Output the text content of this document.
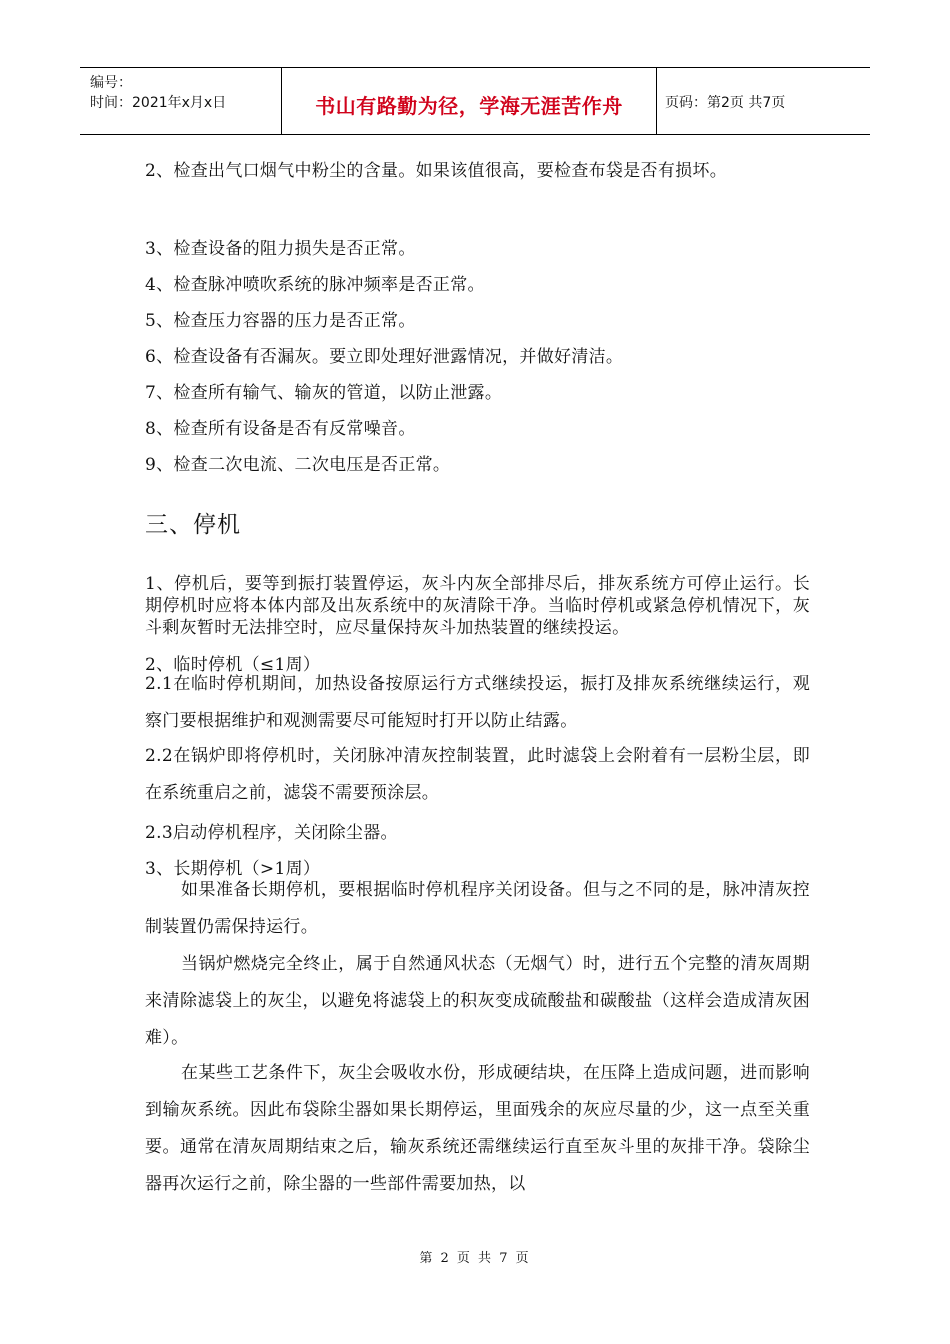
编号：
时间：2021年x月x日	书山有路勤为径，学海无涯苦作舟	页码：第2页 共7页
2、检查出气口烟气中粉尘的含量。如果该值很高，要检查布袋是否有损坏。
3、检查设备的阻力损失是否正常。
4、检查脉冲喷吹系统的脉冲频率是否正常。
5、检查压力容器的压力是否正常。
6、检查设备有否漏灰。要立即处理好泄露情况，并做好清洁。
7、检查所有输气、输灰的管道，以防止泄露。
8、检查所有设备是否有反常噪音。
9、检查二次电流、二次电压是否正常。
三、停机
1、停机后，要等到振打装置停运，灰斗内灰全部排尽后，排灰系统方可停止运行。长期停机时应将本体内部及出灰系统中的灰清除干净。当临时停机或紧急停机情况下，灰斗剩灰暂时无法排空时，应尽量保持灰斗加热装置的继续投运。
2、临时停机（≤1周）
2.1在临时停机期间，加热设备按原运行方式继续投运，振打及排灰系统继续运行，观察门要根据维护和观测需要尽可能短时打开以防止结露。
2.2在锅炉即将停机时，关闭脉冲清灰控制装置，此时滤袋上会附着有一层粉尘层，即在系统重启之前，滤袋不需要预涂层。
2.3启动停机程序，关闭除尘器。
3、长期停机（>1周）
如果准备长期停机，要根据临时停机程序关闭设备。但与之不同的是，脉冲清灰控制装置仍需保持运行。
当锅炉燃烧完全终止，属于自然通风状态（无烟气）时，进行五个完整的清灰周期来清除滤袋上的灰尘，以避免将滤袋上的积灰变成硫酸盐和碳酸盐（这样会造成清灰困难）。
在某些工艺条件下，灰尘会吸收水份，形成硬结块，在压降上造成问题，进而影响到输灰系统。因此布袋除尘器如果长期停运，里面残余的灰应尽量的少，这一点至关重要。通常在清灰周期结束之后，输灰系统还需继续运行直至灰斗里的灰排干净。袋除尘器再次运行之前，除尘器的一些部件需要加热，以
第 2 页 共 7 页
